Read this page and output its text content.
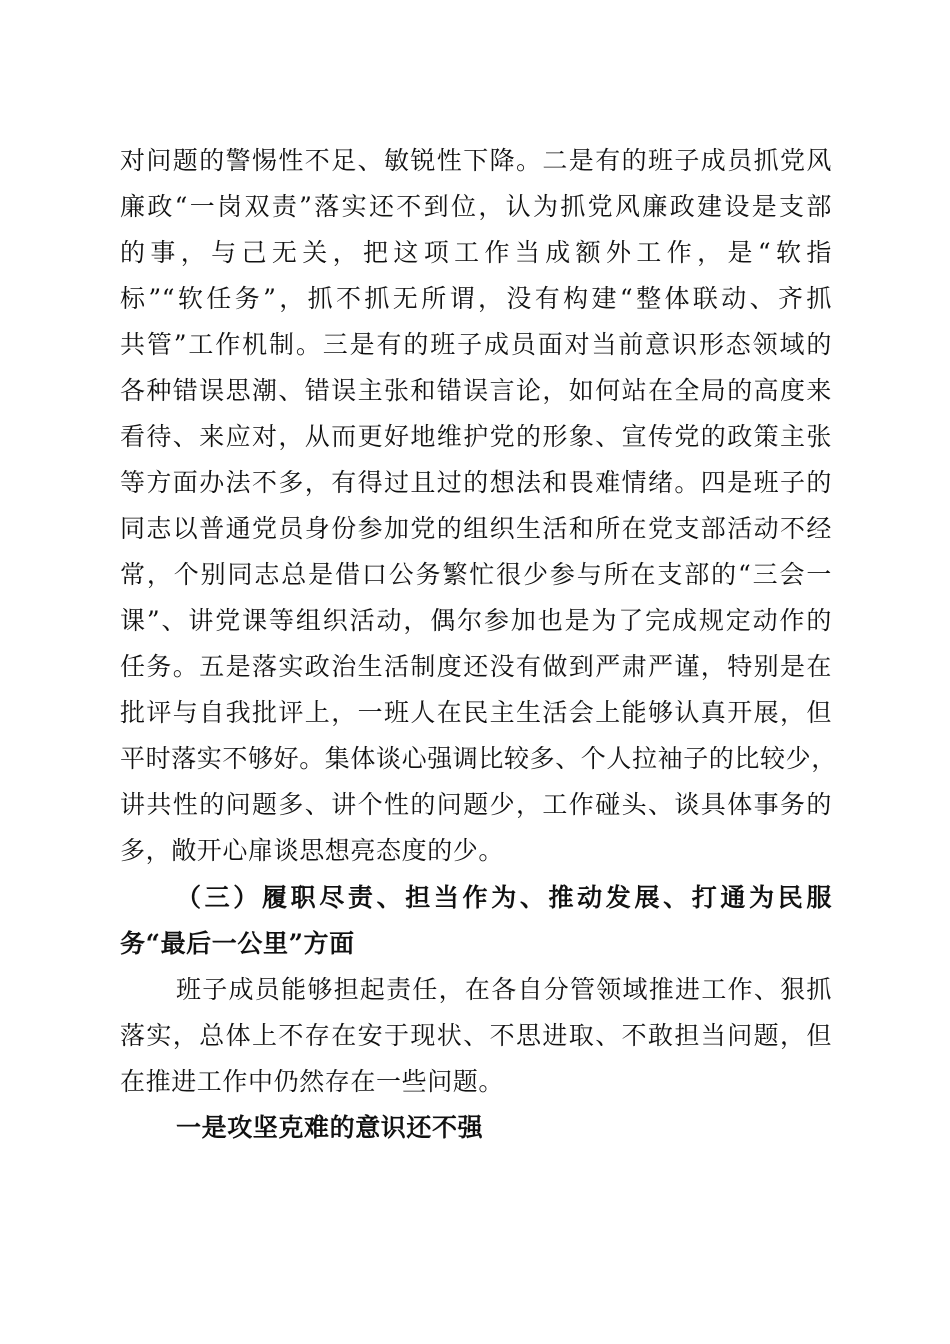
对问题的警惕性不足、敏锐性下降。二是有的班子成员抓党风
廉政“一岗双责”落实还不到位，认为抓党风廉政建设是支部
的事，与己无关，把这项工作当成额外工作，是“软指
标”“软任务”，抓不抓无所谓，没有构建“整体联动、齐抓
共管”工作机制。三是有的班子成员面对当前意识形态领域的
各种错误思潮、错误主张和错误言论，如何站在全局的高度来
看待、来应对，从而更好地维护党的形象、宣传党的政策主张
等方面办法不多，有得过且过的想法和畏难情绪。四是班子的
同志以普通党员身份参加党的组织生活和所在党支部活动不经
常，个别同志总是借口公务繁忙很少参与所在支部的“三会一
课”、讲党课等组织活动，偶尔参加也是为了完成规定动作的
任务。五是落实政治生活制度还没有做到严肃严谨，特别是在
批评与自我批评上，一班人在民主生活会上能够认真开展，但
平时落实不够好。集体谈心强调比较多、个人拉袖子的比较少，
讲共性的问题多、讲个性的问题少，工作碰头、谈具体事务的
多，敞开心扉谈思想亮态度的少。
（三）履职尽责、担当作为、推动发展、打通为民服
务“最后一公里”方面
班子成员能够担起责任，在各自分管领域推进工作、狠抓
落实，总体上不存在安于现状、不思进取、不敢担当问题，但
在推进工作中仍然存在一些问题。
一是攻坚克难的意识还不强
